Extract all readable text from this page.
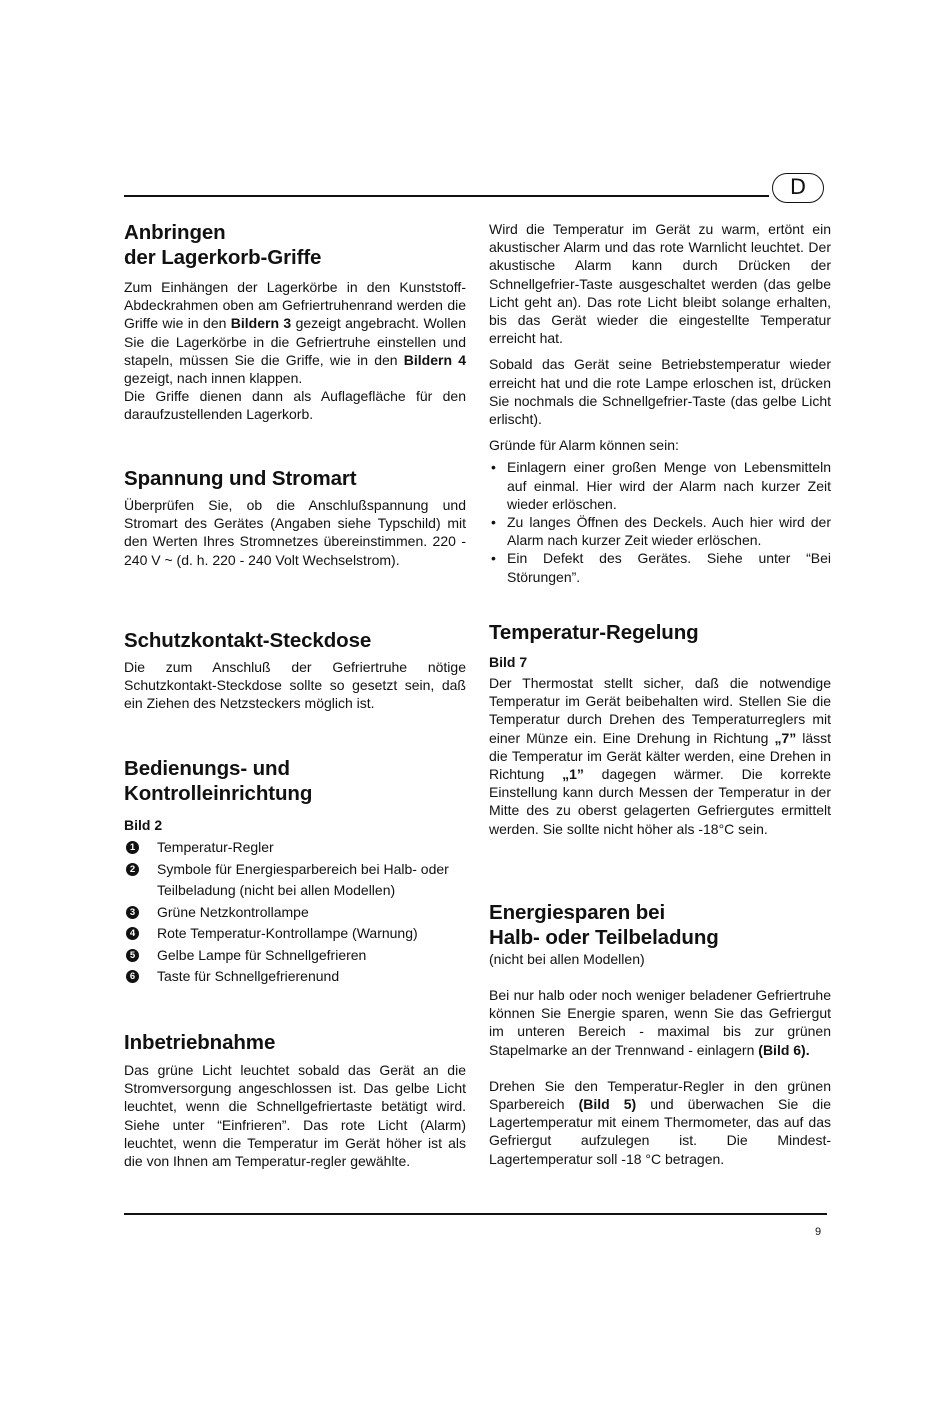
D
Anbringen
der Lagerkorb-Griffe

Zum Einhängen der Lagerkörbe in den Kunststoff-Abdeckrahmen oben am Gefriertruhenrand werden die Griffe wie in den Bildern 3 gezeigt angebracht. Wollen Sie die Lagerkörbe in die Gefriertruhe einstellen und stapeln, müssen Sie die Griffe, wie in den Bildern 4 gezeigt, nach innen klappen.

Die Griffe dienen dann als Auflagefläche für den daraufzustellenden Lagerkorb.

Spannung und Stromart

Überprüfen Sie, ob die Anschlußspannung und Stromart des Gerätes (Angaben siehe Typschild) mit den Werten Ihres Stromnetzes übereinstimmen. 220 - 240 V ~ (d. h. 220 - 240 Volt Wechselstrom).

Schutzkontakt-Steckdose

Die zum Anschluß der Gefriertruhe nötige Schutzkontakt-Steckdose sollte so gesetzt sein, daß ein Ziehen des Netzsteckers möglich ist.

Bedienungs- und
Kontrolleinrichtung
Bild 2
1 Temperatur-Regler
2 Symbole für Energiesparbereich bei Halb- oder Teilbeladung (nicht bei allen Modellen)
3 Grüne Netzkontrollampe
4 Rote Temperatur-Kontrollampe (Warnung)
5 Gelbe Lampe für Schnellgefrieren
6 Taste für Schnellgefrierenund
Inbetriebnahme

Das grüne Licht leuchtet sobald das Gerät an die Stromversorgung angeschlossen ist. Das gelbe Licht leuchtet, wenn die Schnellgefriertaste betätigt wird. Siehe unter “Einfrieren”. Das rote Licht (Alarm) leuchtet, wenn die Temperatur im Gerät höher ist als die von Ihnen am Temperatur-regler gewählte.

Wird die Temperatur im Gerät zu warm, ertönt ein akustischer Alarm und das rote Warnlicht leuchtet. Der akustische Alarm kann durch Drücken der Schnellgefrier-Taste ausgeschaltet werden (das gelbe Licht geht an). Das rote Licht bleibt solange erhalten, bis das Gerät wieder die eingestellte Temperatur erreicht hat.

Sobald das Gerät seine Betriebstemperatur wieder erreicht hat und die rote Lampe erloschen ist, drücken Sie nochmals die Schnellgefrier-Taste (das gelbe Licht erlischt).

Gründe für Alarm können sein:

• Einlagern einer großen Menge von Lebensmitteln auf einmal. Hier wird der Alarm nach kurzer Zeit wieder erlöschen.
• Zu langes Öffnen des Deckels. Auch hier wird der Alarm nach kurzer Zeit wieder erlöschen.
• Ein Defekt des Gerätes. Siehe unter “Bei Störungen”.
Temperatur-Regelung
Bild 7

Der Thermostat stellt sicher, daß die notwendige Temperatur im Gerät beibehalten wird. Stellen Sie die Temperatur durch Drehen des Temperaturreglers mit einer Münze ein. Eine Drehung in Richtung „7” lässt die Temperatur im Gerät kälter werden, eine Drehen in Richtung „1” dagegen wärmer. Die korrekte Einstellung kann durch Messen der Temperatur in der Mitte des zu oberst gelagerten Gefriergutes ermittelt werden. Sie sollte nicht höher als -18°C sein.

Energiesparen bei
Halb- oder Teilbeladung
(nicht bei allen Modellen)

Bei nur halb oder noch weniger beladener Gefriertruhe können Sie Energie sparen, wenn Sie das Gefriergut im unteren Bereich - maximal bis zur grünen Stapelmarke an der Trennwand - einlagern (Bild 6).

Drehen Sie den Temperatur-Regler in den grünen Sparbereich (Bild 5) und überwachen Sie die Lagertemperatur mit einem Thermometer, das auf das Gefriergut aufzulegen ist. Die Mindest-Lagertemperatur soll -18 °C betragen.

9
